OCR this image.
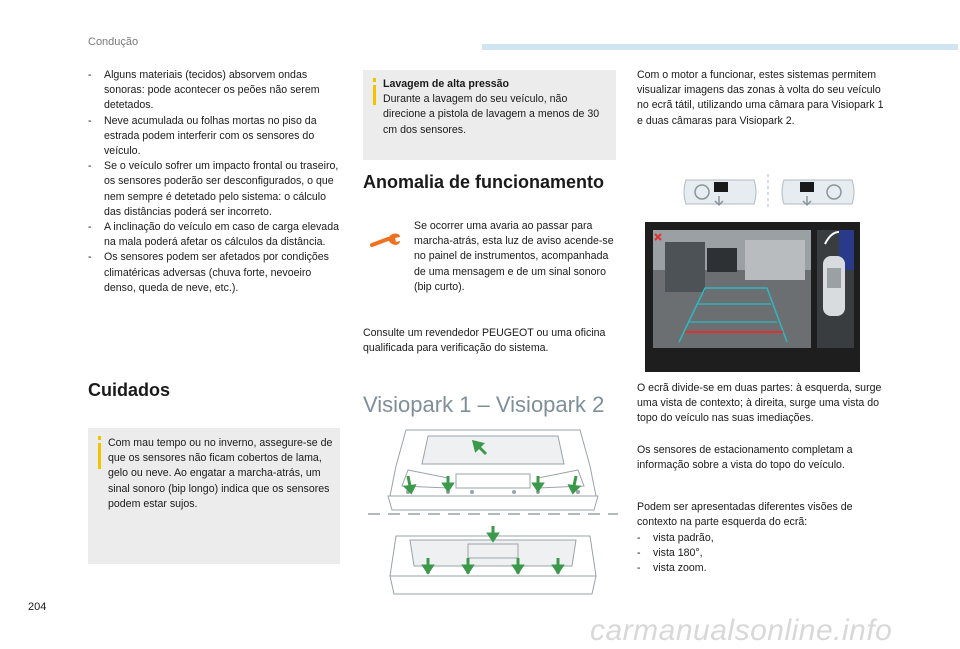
Condução
- Alguns materiais (tecidos) absorvem ondas sonoras: pode acontecer os peões não serem detetados.
- Neve acumulada ou folhas mortas no piso da estrada podem interferir com os sensores do veículo.
- Se o veículo sofrer um impacto frontal ou traseiro, os sensores poderão ser desconfigurados, o que nem sempre é detetado pelo sistema: o cálculo das distâncias poderá ser incorreto.
- A inclinação do veículo em caso de carga elevada na mala poderá afetar os cálculos da distância.
- Os sensores podem ser afetados por condições climatéricas adversas (chuva forte, nevoeiro denso, queda de neve, etc.).
Cuidados
Com mau tempo ou no inverno, assegure-se de que os sensores não ficam cobertos de lama, gelo ou neve. Ao engatar a marcha-atrás, um sinal sonoro (bip longo) indica que os sensores podem estar sujos.
Lavagem de alta pressão
Durante a lavagem do seu veículo, não direcione a pistola de lavagem a menos de 30 cm dos sensores.
Anomalia de funcionamento
Se ocorrer uma avaria ao passar para marcha-atrás, esta luz de aviso acende-se no painel de instrumentos, acompanhada de uma mensagem e de um sinal sonoro (bip curto).
Consulte um revendedor PEUGEOT ou uma oficina qualificada para verificação do sistema.
Visiopark 1 – Visiopark 2
Com o motor a funcionar, estes sistemas permitem visualizar imagens das zonas à volta do seu veículo no ecrã tátil, utilizando uma câmara para Visiopark 1 e duas câmaras para Visiopark 2.
O ecrã divide-se em duas partes: à esquerda, surge uma vista de contexto; à direita, surge uma vista do topo do veículo nas suas imediações.
Os sensores de estacionamento completam a informação sobre a vista do topo do veículo.
Podem ser apresentadas diferentes visões de contexto na parte esquerda do ecrã:
- vista padrão,
- vista 180°,
- vista zoom.
204
carmanualsonline.info
